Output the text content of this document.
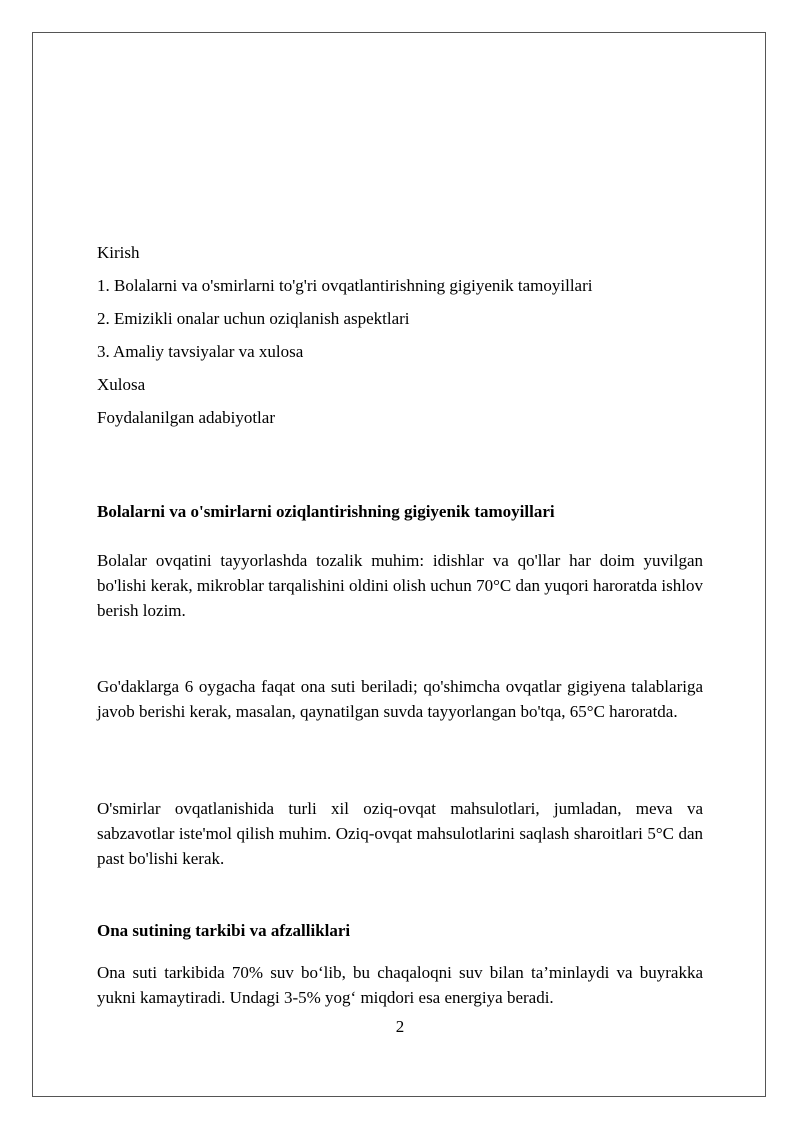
Kirish
1. Bolalarni va o'smirlarni to'g'ri ovqatlantirishning gigiyenik tamoyillari
2. Emizikli onalar uchun oziqlanish aspektlari
3. Amaliy tavsiyalar va xulosa
Xulosa
Foydalanilgan adabiyotlar
Bolalarni va o'smirlarni oziqlantirishning gigiyenik tamoyillari
Bolalar ovqatini tayyorlashda tozalik muhim: idishlar va qo'llar har doim yuvilgan bo'lishi kerak, mikroblar tarqalishini oldini olish uchun 70°C dan yuqori haroratda ishlov berish lozim.
Go'daklarga 6 oygacha faqat ona suti beriladi; qo'shimcha ovqatlar gigiyena talablariga javob berishi kerak, masalan, qaynatilgan suvda tayyorlangan bo'tqa, 65°C haroratda.
O'smirlar ovqatlanishida turli xil oziq-ovqat mahsulotlari, jumladan, meva va sabzavotlar iste'mol qilish muhim. Oziq-ovqat mahsulotlarini saqlash sharoitlari 5°C dan past bo'lishi kerak.
Ona sutining tarkibi va afzalliklari
Ona suti tarkibida 70% suv bo‘lib, bu chaqaloqni suv bilan ta’minlaydi va buyrakka yukni kamaytiradi. Undagi 3-5% yog‘ miqdori esa energiya beradi.
2
